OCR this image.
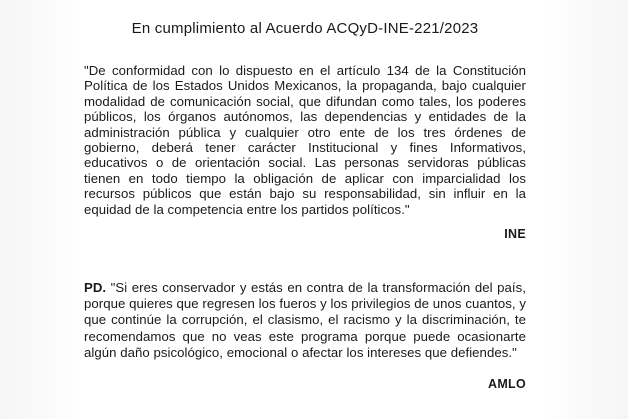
En cumplimiento al Acuerdo ACQyD-INE-221/2023

"De conformidad con lo dispuesto en el artículo 134 de la Constitución Política de los Estados Unidos Mexicanos, la propaganda, bajo cualquier modalidad de comunicación social, que difundan como tales, los poderes públicos, los órganos autónomos, las dependencias y entidades de la administración pública y cualquier otro ente de los tres órdenes de gobierno, deberá tener carácter Institucional y fines Informativos, educativos o de orientación social. Las personas servidoras públicas tienen en todo tiempo la obligación de aplicar con imparcialidad los recursos públicos que están bajo su responsabilidad, sin influir en la equidad de la competencia entre los partidos políticos."

INE

PD. "Si eres conservador y estás en contra de la transformación del país, porque quieres que regresen los fueros y los privilegios de unos cuantos, y que continúe la corrupción, el clasismo, el racismo y la discriminación, te recomendamos que no veas este programa porque puede ocasionarte algún daño psicológico, emocional o afectar los intereses que defiendes."

AMLO
